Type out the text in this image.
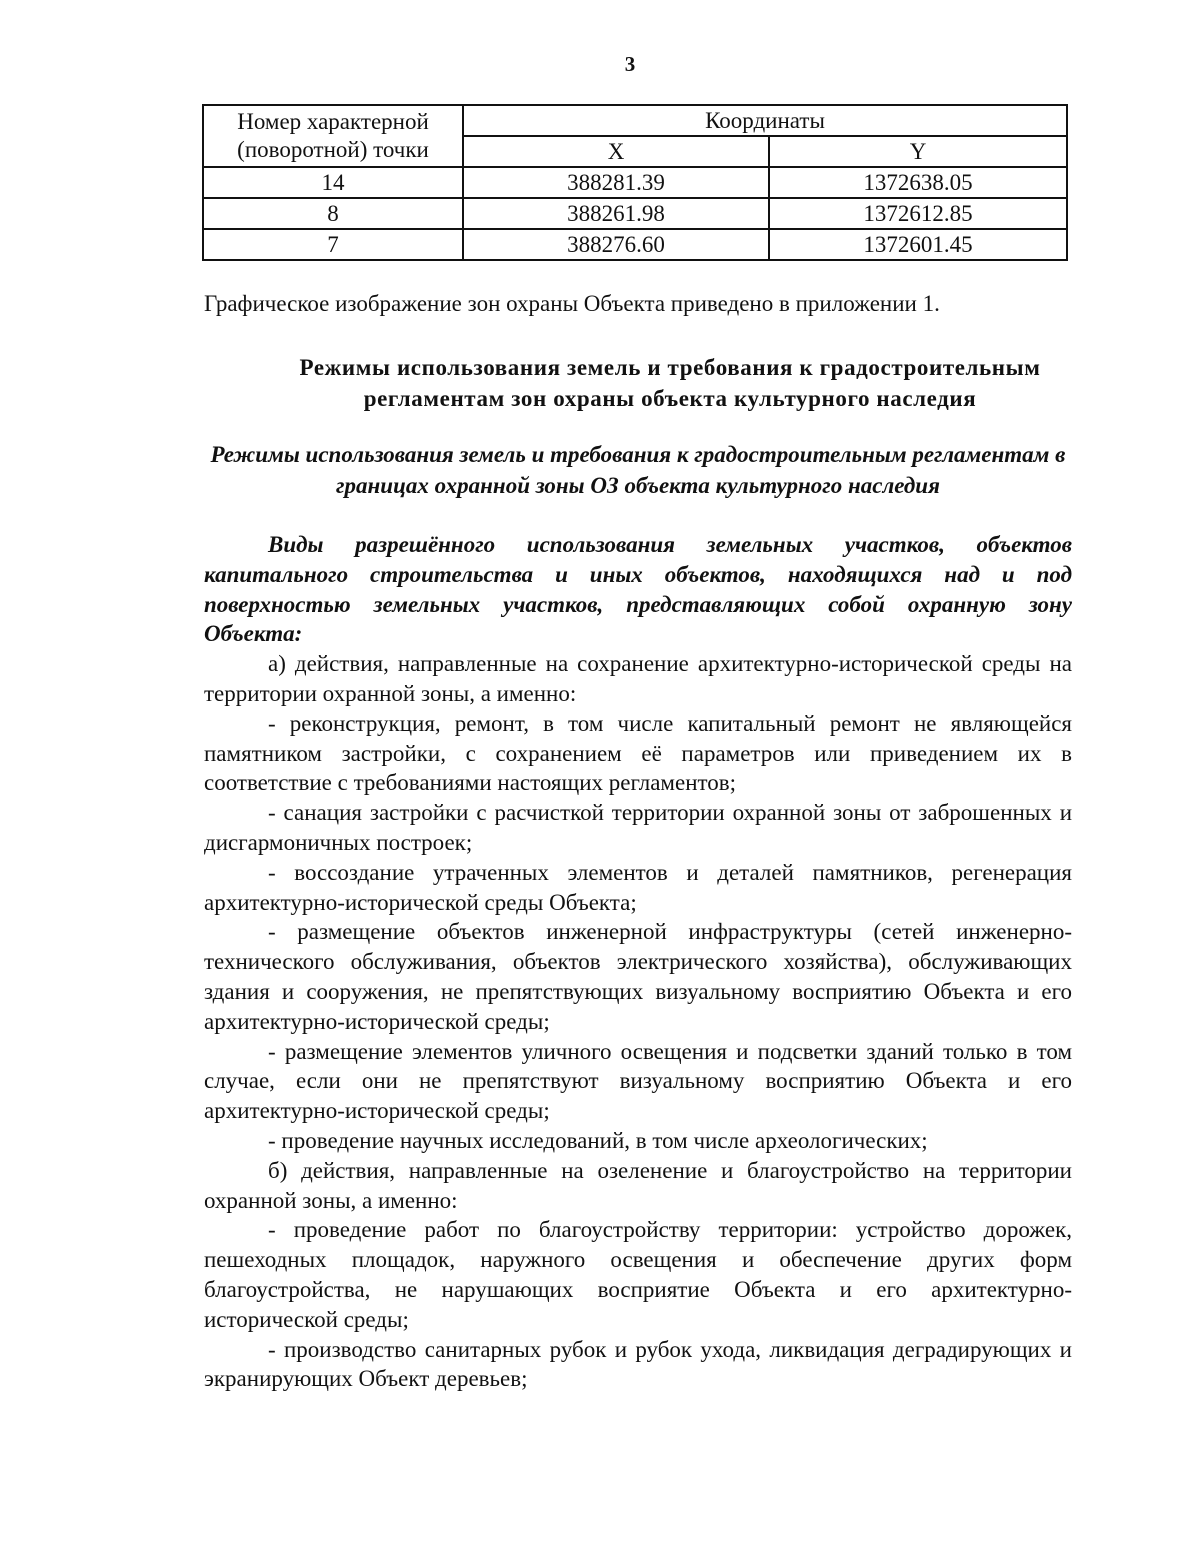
3
Номер характерной (поворотной) точки	Координаты	
	X	Y
14	388281.39	1372638.05
8	388261.98	1372612.85
7	388276.60	1372601.45
Графическое изображение зон охраны Объекта приведено в приложении 1.
Режимы использования земель и требования к градостроительным регламентам зон охраны объекта культурного наследия

Режимы использования земель и требования к градостроительным регламентам в границах охранной зоны ОЗ объекта культурного наследия

Виды разрешённого использования земельных участков, объектов капитального строительства и иных объектов, находящихся над и под поверхностью земельных участков, представляющих собой охранную зону Объекта:

а) действия, направленные на сохранение архитектурно-исторической среды на территории охранной зоны, а именно:

- реконструкция, ремонт, в том числе капитальный ремонт не являющейся памятником застройки, с сохранением её параметров или приведением их в соответствие с требованиями настоящих регламентов;

- санация застройки с расчисткой территории охранной зоны от заброшенных и дисгармоничных построек;

- воссоздание утраченных элементов и деталей памятников, регенерация архитектурно-исторической среды Объекта;

- размещение объектов инженерной инфраструктуры (сетей инженерно-технического обслуживания, объектов электрического хозяйства), обслуживающих здания и сооружения, не препятствующих визуальному восприятию Объекта и его архитектурно-исторической среды;

- размещение элементов уличного освещения и подсветки зданий только в том случае, если они не препятствуют визуальному восприятию Объекта и его архитектурно-исторической среды;

- проведение научных исследований, в том числе археологических;

б) действия, направленные на озеленение и благоустройство на территории охранной зоны, а именно:

- проведение работ по благоустройству территории: устройство дорожек, пешеходных площадок, наружного освещения и обеспечение других форм благоустройства, не нарушающих восприятие Объекта и его архитектурно-исторической среды;

- производство санитарных рубок и рубок ухода, ликвидация деградирующих и экранирующих Объект деревьев;
